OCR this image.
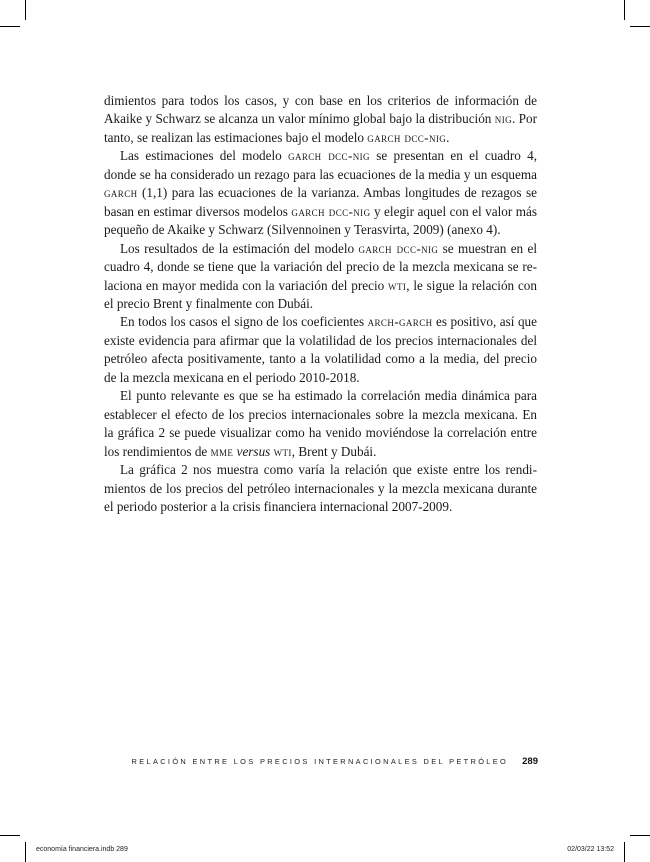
dimientos para todos los casos, y con base en los criterios de información de Akaike y Schwarz se alcanza un valor mínimo global bajo la distribución nig. Por tanto, se realizan las estimaciones bajo el modelo garch dcc-nig.

Las estimaciones del modelo garch dcc-nig se presentan en el cuadro 4, donde se ha considerado un rezago para las ecuaciones de la media y un esquema garch (1,1) para las ecuaciones de la varianza. Ambas longitudes de rezagos se basan en estimar diversos modelos garch dcc-nig y elegir aquel con el valor más pequeño de Akaike y Schwarz (Silvennoinen y Terasvirta, 2009) (anexo 4).

Los resultados de la estimación del modelo garch dcc-nig se muestran en el cuadro 4, donde se tiene que la variación del precio de la mezcla mexicana se relaciona en mayor medida con la variación del precio wti, le sigue la relación con el precio Brent y finalmente con Dubái.

En todos los casos el signo de los coeficientes arch-garch es positivo, así que existe evidencia para afirmar que la volatilidad de los precios internacionales del petróleo afecta positivamente, tanto a la volatilidad como a la media, del precio de la mezcla mexicana en el periodo 2010-2018.

El punto relevante es que se ha estimado la correlación media dinámica para establecer el efecto de los precios internacionales sobre la mezcla mexicana. En la gráfica 2 se puede visualizar como ha venido moviéndose la correlación entre los rendimientos de mme versus wti, Brent y Dubái.

La gráfica 2 nos muestra como varía la relación que existe entre los rendimientos de los precios del petróleo internacionales y la mezcla mexicana durante el periodo posterior a la crisis financiera internacional 2007-2009.

RELACIÓN ENTRE LOS PRECIOS INTERNACIONALES DEL PETRÓLEO 289
economía financiera.indb 289	02/03/22 13:52
